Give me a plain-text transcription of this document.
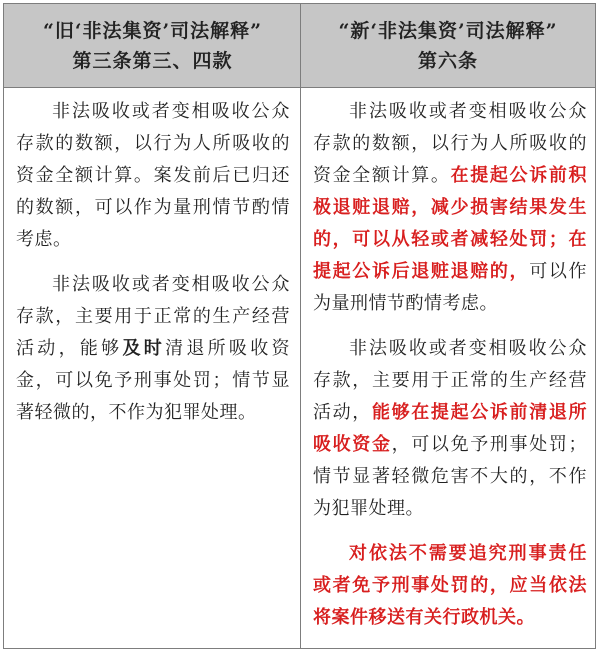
“旧‘非法集资’司法解释”
第三条第三、四款
“新‘非法集资’司法解释”
第六条

非法吸收或者变相吸收公众存款的数额，以行为人所吸收的资金全额计算。案发前后已归还的数额，可以作为量刑情节酌情考虑。

非法吸收或者变相吸收公众存款，主要用于正常的生产经营活动，能够及时清退所吸收资金，可以免予刑事处罚；情节显著轻微的，不作为犯罪处理。

非法吸收或者变相吸收公众存款的数额，以行为人所吸收的资金全额计算。在提起公诉前积极退赃退赔，减少损害结果发生的，可以从轻或者减轻处罚；在提起公诉后退赃退赔的，可以作为量刑情节酌情考虑。

非法吸收或者变相吸收公众存款，主要用于正常的生产经营活动，能够在提起公诉前清退所吸收资金，可以免予刑事处罚；情节显著轻微危害不大的，不作为犯罪处理。

对依法不需要追究刑事责任或者免予刑事处罚的，应当依法将案件移送有关行政机关。
